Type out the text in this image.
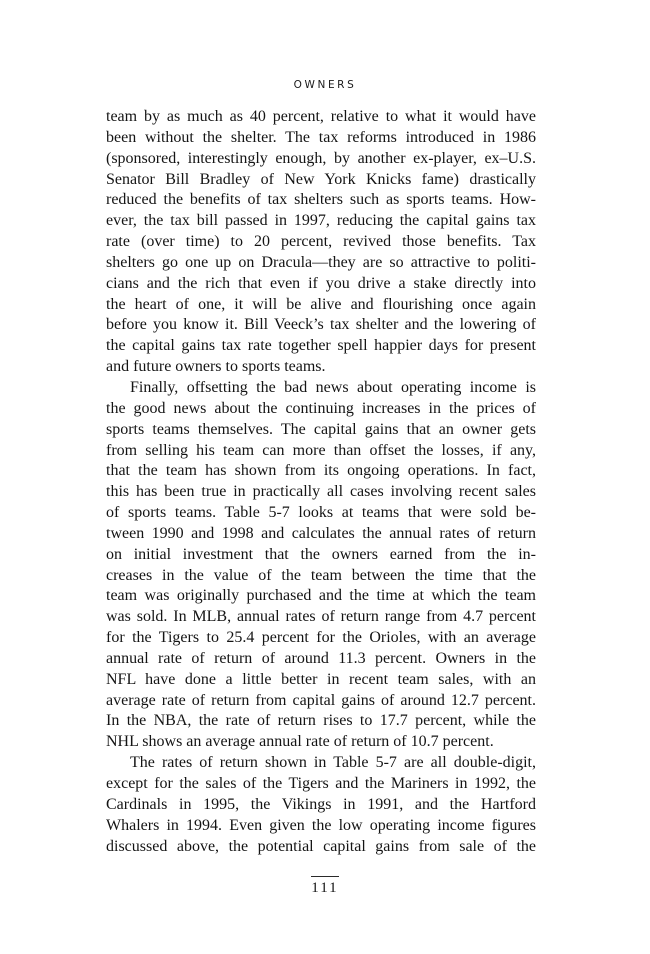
OWNERS

team by as much as 40 percent, relative to what it would have
been without the shelter. The tax reforms introduced in 1986
(sponsored, interestingly enough, by another ex-player, ex–U.S.
Senator Bill Bradley of New York Knicks fame) drastically
reduced the benefits of tax shelters such as sports teams. How-
ever, the tax bill passed in 1997, reducing the capital gains tax
rate (over time) to 20 percent, revived those benefits. Tax
shelters go one up on Dracula—they are so attractive to politi-
cians and the rich that even if you drive a stake directly into
the heart of one, it will be alive and flourishing once again
before you know it. Bill Veeck’s tax shelter and the lowering of
the capital gains tax rate together spell happier days for present
and future owners to sports teams.
Finally, offsetting the bad news about operating income is
the good news about the continuing increases in the prices of
sports teams themselves. The capital gains that an owner gets
from selling his team can more than offset the losses, if any,
that the team has shown from its ongoing operations. In fact,
this has been true in practically all cases involving recent sales
of sports teams. Table 5-7 looks at teams that were sold be-
tween 1990 and 1998 and calculates the annual rates of return
on initial investment that the owners earned from the in-
creases in the value of the team between the time that the
team was originally purchased and the time at which the team
was sold. In MLB, annual rates of return range from 4.7 percent
for the Tigers to 25.4 percent for the Orioles, with an average
annual rate of return of around 11.3 percent. Owners in the
NFL have done a little better in recent team sales, with an
average rate of return from capital gains of around 12.7 percent.
In the NBA, the rate of return rises to 17.7 percent, while the
NHL shows an average annual rate of return of 10.7 percent.
The rates of return shown in Table 5-7 are all double-digit,
except for the sales of the Tigers and the Mariners in 1992, the
Cardinals in 1995, the Vikings in 1991, and the Hartford
Whalers in 1994. Even given the low operating income figures
discussed above, the potential capital gains from sale of the

111
